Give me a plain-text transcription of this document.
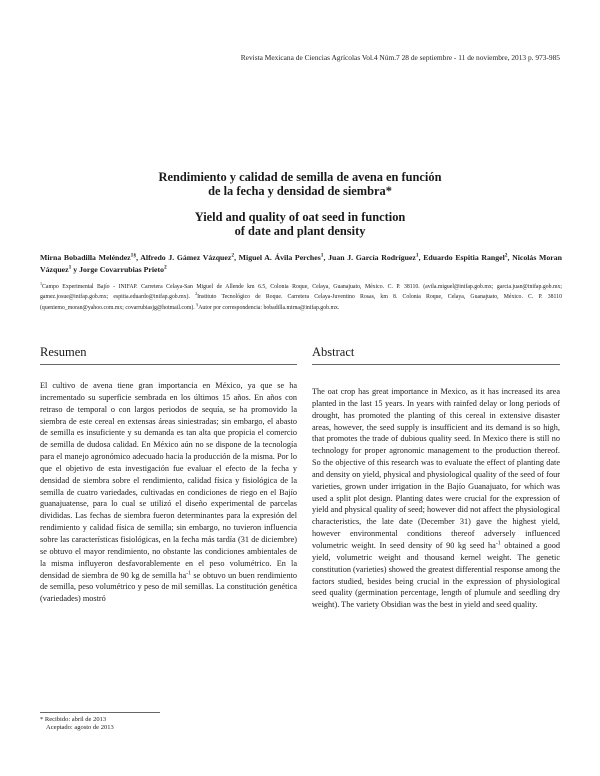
Revista Mexicana de Ciencias Agrícolas Vol.4 Núm.7 28 de septiembre - 11 de noviembre, 2013 p. 973-985
Rendimiento y calidad de semilla de avena en función
de la fecha y densidad de siembra*
Yield and quality of oat seed in function
of date and plant density
Mirna Bobadilla Meléndez$^{1\S}$, Alfredo J. Gámez Vázquez$^2$, Miguel A. Ávila Perches$^1$, Juan J. García Rodríguez$^1$, Eduardo Espitia Rangel$^2$, Nicolás Moran Vázquez$^1$ y Jorge Covarrubias Prieto$^2$
$^1$Campo Experimental Bajío - INIFAP. Carretera Celaya-San Miguel de Allende km 6.5, Colonia Roque, Celaya, Guanajuato, México. C. P. 38110. (avila.miguel@inifap.gob.mx; garcia.juan@inifap.gob.mx; gamez.josue@inifap.gob.mx; espitia.eduardo@inifap.gob.mx). $^2$Instituto Tecnológico de Roque. Carretera Celaya-Juventino Rosas, km 8. Colonia Roque, Celaya, Guanajuato, México. C. P. 38110 (queniemo_moran@yahoo.com.mx; covarrubiasjg@hotmail.com). §Autor por correspondencia: bobadilla.mirna@inifap.gob.mx.
Resumen	Abstract

El cultivo de avena tiene gran importancia en México, ya que se ha incrementado su superficie sembrada en los últimos 15 años. En años con retraso de temporal o con largos periodos de sequía, se ha promovido la siembra de este cereal en extensas áreas siniestradas; sin embargo, el abasto de semilla es insuficiente y su demanda es tan alta que propicia el comercio de semilla de dudosa calidad. En México aún no se dispone de la tecnología para el manejo agronómico adecuado hacia la producción de la misma. Por lo que el objetivo de esta investigación fue evaluar el efecto de la fecha y densidad de siembra sobre el rendimiento, calidad física y fisiológica de la semilla de cuatro variedades, cultivadas en condiciones de riego en el Bajío guanajuatense, para lo cual se utilizó el diseño experimental de parcelas divididas. Las fechas de siembra fueron determinantes para la expresión del rendimiento y calidad física de semilla; sin embargo, no tuvieron influencia sobre las características fisiológicas, en la fecha más tardía (31 de diciembre) se obtuvo el mayor rendimiento, no obstante las condiciones ambientales de la misma influyeron desfavorablemente en el peso volumétrico. En la densidad de siembra de 90 kg de semilla $ha^{-1}$ se obtuvo un buen rendimiento de semilla, peso volumétrico y peso de mil semillas. La constitución genética (variedades) mostró

The oat crop has great importance in Mexico, as it has increased its area planted in the last 15 years. In years with rainfed delay or long periods of drought, has promoted the planting of this cereal in extensive disaster areas, however, the seed supply is insufficient and its demand is so high, that promotes the trade of dubious quality seed. In Mexico there is still no technology for proper agronomic management to the production thereof. So the objective of this research was to evaluate the effect of planting date and density on yield, physical and physiological quality of the seed of four varieties, grown under irrigation in the Bajío Guanajuato, for which was used a split plot design. Planting dates were crucial for the expression of yield and physical quality of seed; however did not affect the physiological characteristics, the late date (December 31) gave the highest yield, however environmental conditions thereof adversely influenced volumetric weight. In seed density of 90 kg seed $ha^{-1}$ obtained a good yield, volumetric weight and thousand kernel weight. The genetic constitution (varieties) showed the greatest differential response among the factors studied, besides being crucial in the expression of physiological seed quality (germination percentage, length of plumule and seedling dry weight). The variety Obsidian was the best in yield and seed quality.

* Recibido: abril de 2013
Aceptado: agosto de 2013
